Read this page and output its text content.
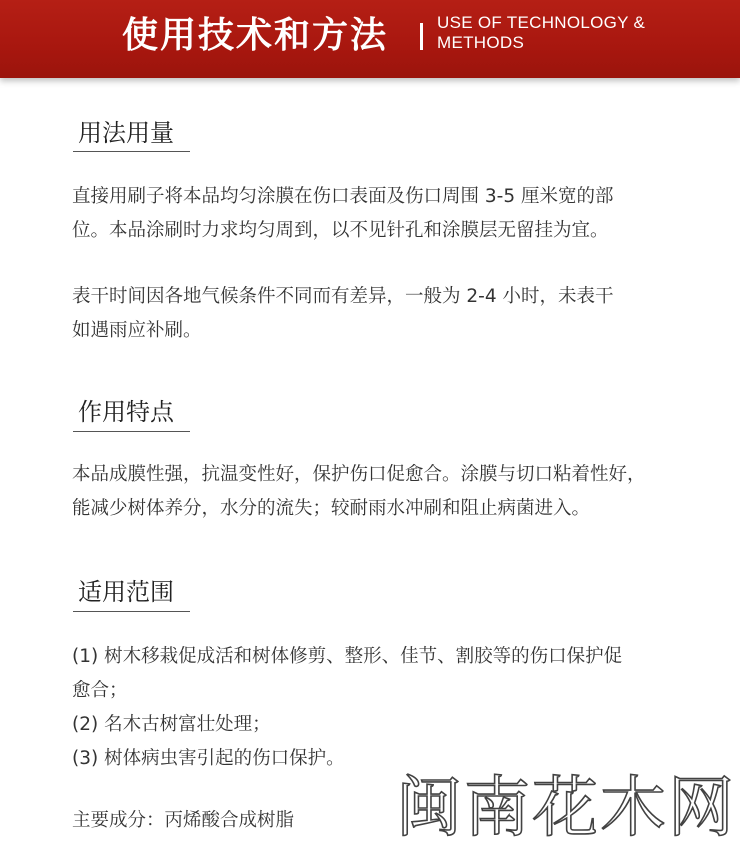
使用技术和方法	USE OF TECHNOLOGY &
METHODS
用法用量

直接用刷子将本品均匀涂膜在伤口表面及伤口周围 3-5 厘米宽的部
位。本品涂刷时力求均匀周到，以不见针孔和涂膜层无留挂为宜。

表干时间因各地气候条件不同而有差异，一般为 2-4 小时，未表干
如遇雨应补刷。

作用特点

本品成膜性强，抗温变性好，保护伤口促愈合。涂膜与切口粘着性好，
能减少树体养分，水分的流失；较耐雨水冲刷和阻止病菌进入。

适用范围

(1) 树木移栽促成活和树体修剪、整形、佳节、割胶等的伤口保护促
愈合；
(2) 名木古树富壮处理；
(3) 树体病虫害引起的伤口保护。

主要成分：丙烯酸合成树脂	闽南花木网
